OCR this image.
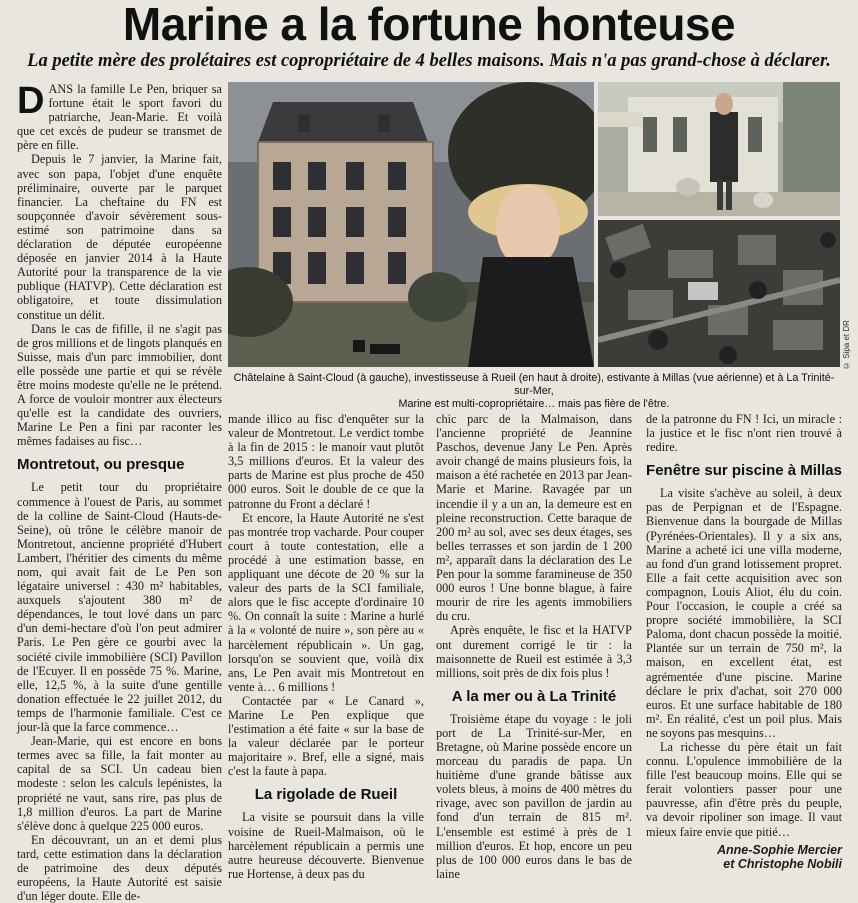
Marine a la fortune honteuse
La petite mère des prolétaires est copropriétaire de 4 belles maisons. Mais n'a pas grand-chose à déclarer.

DANS la famille Le Pen, briquer sa fortune était le sport favori du patriarche, Jean-Marie. Et voilà que cet excès de pudeur se transmet de père en fille.

Depuis le 7 janvier, la Marine fait, avec son papa, l'objet d'une enquête préliminaire, ouverte par le parquet financier. La cheftaine du FN est soupçonnée d'avoir sévèrement sous-estimé son patrimoine dans sa déclaration de députée européenne déposée en janvier 2014 à la Haute Autorité pour la transparence de la vie publique (HATVP). Cette déclaration est obligatoire, et toute dissimulation constitue un délit.

Dans le cas de fifille, il ne s'agit pas de gros millions et de lingots planqués en Suisse, mais d'un parc immobilier, dont elle possède une partie et qui se révèle être moins modeste qu'elle ne le prétend. A force de vouloir montrer aux électeurs qu'elle est la candidate des ouvriers, Marine Le Pen a fini par raconter les mêmes fadaises au fisc…

Montretout, ou presque

Le petit tour du propriétaire commence à l'ouest de Paris, au sommet de la colline de Saint-Cloud (Hauts-de-Seine), où trône le célèbre manoir de Montretout, ancienne propriété d'Hubert Lambert, l'héritier des ciments du même nom, qui avait fait de Le Pen son légataire universel : 430 m² habitables, auxquels s'ajoutent 380 m² de dépendances, le tout lové dans un parc d'un demi-hectare d'où l'on peut admirer Paris. Le Pen gère ce gourbi avec la société civile immobilière (SCI) Pavillon de l'Ecuyer. Il en possède 75 %. Marine, elle, 12,5 %, à la suite d'une gentille donation effectuée le 22 juillet 2012, du temps de l'harmonie familiale. C'est ce jour-là que la farce commence…

Jean-Marie, qui est encore en bons termes avec sa fille, la fait monter au capital de sa SCI. Un cadeau bien modeste : selon les calculs lepénistes, la propriété ne vaut, sans rire, pas plus de 1,8 million d'euros. La part de Marine s'élève donc à quelque 225 000 euros.

En découvrant, un an et demi plus tard, cette estimation dans la déclaration de patrimoine des deux députés européens, la Haute Autorité est saisie d'un léger doute. Elle de-

© Sipa et DR
Châtelaine à Saint-Cloud (à gauche), investisseuse à Rueil (en haut à droite), estivante à Millas (vue aérienne) et à La Trinité-sur-Mer,
Marine est multi-copropriétaire… mais pas fière de l'être.

mande illico au fisc d'enquêter sur la valeur de Montretout. Le verdict tombe à la fin de 2015 : le manoir vaut plutôt 3,5 millions d'euros. Et la valeur des parts de Marine est plus proche de 450 000 euros. Soit le double de ce que la patronne du Front a déclaré !

Et encore, la Haute Autorité ne s'est pas montrée trop vacharde. Pour couper court à toute contestation, elle a procédé à une estimation basse, en appliquant une décote de 20 % sur la valeur des parts de la SCI familiale, alors que le fisc accepte d'ordinaire 10 %. On connaît la suite : Marine a hurlé à la « volonté de nuire », son père au « harcèlement républicain ». Un gag, lorsqu'on se souvient que, voilà dix ans, Le Pen avait mis Montretout en vente à… 6 millions !

Contactée par « Le Canard », Marine Le Pen explique que l'estimation a été faite « sur la base de la valeur déclarée par le porteur majoritaire ». Bref, elle a signé, mais c'est la faute à papa.

La rigolade de Rueil

La visite se poursuit dans la ville voisine de Rueil-Malmaison, où le harcèlement républicain a permis une autre heureuse découverte. Bienvenue rue Hortense, à deux pas du

chic parc de la Malmaison, dans l'ancienne propriété de Jeannine Paschos, devenue Jany Le Pen. Après avoir changé de mains plusieurs fois, la maison a été rachetée en 2013 par Jean-Marie et Marine. Ravagée par un incendie il y a un an, la demeure est en pleine reconstruction. Cette baraque de 200 m² au sol, avec ses deux étages, ses belles terrasses et son jardin de 1 200 m², apparaît dans la déclaration des Le Pen pour la somme faramineuse de 350 000 euros ! Une bonne blague, à faire mourir de rire les agents immobiliers du cru.

Après enquête, le fisc et la HATVP ont durement corrigé le tir : la maisonnette de Rueil est estimée à 3,3 millions, soit près de dix fois plus !

A la mer ou à La Trinité

Troisième étape du voyage : le joli port de La Trinité-sur-Mer, en Bretagne, où Marine possède encore un morceau du paradis de papa. Un huitième d'une grande bâtisse aux volets bleus, à moins de 400 mètres du rivage, avec son pavillon de jardin au fond d'un terrain de 815 m². L'ensemble est estimé à près de 1 million d'euros. Et hop, encore un peu plus de 100 000 euros dans le bas de laine

de la patronne du FN ! Ici, un miracle : la justice et le fisc n'ont rien trouvé à redire.

Fenêtre sur piscine à Millas

La visite s'achève au soleil, à deux pas de Perpignan et de l'Espagne. Bienvenue dans la bourgade de Millas (Pyrénées-Orientales). Il y a six ans, Marine a acheté ici une villa moderne, au fond d'un grand lotissement propret. Elle a fait cette acquisition avec son compagnon, Louis Aliot, élu du coin. Pour l'occasion, le couple a créé sa propre société immobilière, la SCI Paloma, dont chacun possède la moitié. Plantée sur un terrain de 750 m², la maison, en excellent état, est agrémentée d'une piscine. Marine déclare le prix d'achat, soit 270 000 euros. Et une surface habitable de 180 m². En réalité, c'est un poil plus. Mais ne soyons pas mesquins…

La richesse du père était un fait connu. L'opulence immobilière de la fille l'est beaucoup moins. Elle qui se ferait volontiers passer pour une pauvresse, afin d'être près du peuple, va devoir ripoliner son image. Il vaut mieux faire envie que pitié…

Anne-Sophie Mercier
et Christophe Nobili
